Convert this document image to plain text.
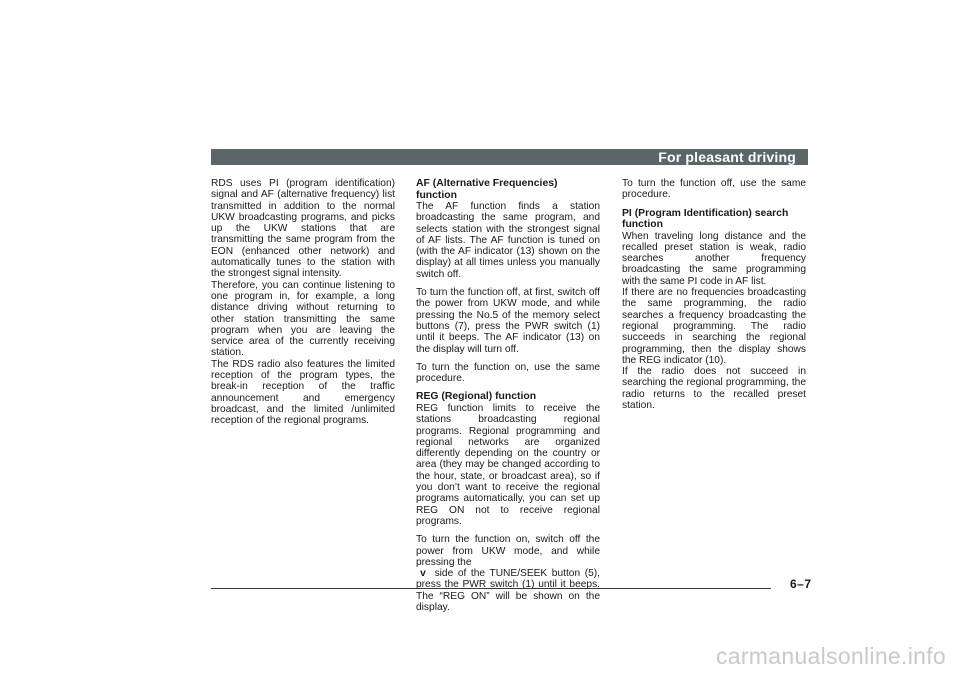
For pleasant driving

RDS uses PI (program identification) signal and AF (alternative frequency) list transmitted in addition to the normal UKW broadcasting programs, and picks up the UKW stations that are transmitting the same program from the EON (enhanced other network) and automatically tunes to the station with the strongest signal intensity.

Therefore, you can continue listening to one program in, for example, a long distance driving without returning to other station transmitting the same program when you are leaving the service area of the currently receiving station.

The RDS radio also features the limited reception of the program types, the break-in reception of the traffic announcement and emergency broadcast, and the limited /unlimited reception of the regional programs.

AF (Alternative Frequencies) function

The AF function finds a station broadcasting the same program, and selects station with the strongest signal of AF lists. The AF function is tuned on (with the AF indicator (13) shown on the display) at all times unless you manually switch off.

To turn the function off, at first, switch off the power from UKW mode, and while pressing the No.5 of the memory select buttons (7), press the PWR switch (1) until it beeps. The AF indicator (13) on the display will turn off.

To turn the function on, use the same procedure.

REG (Regional) function

REG function limits to receive the stations broadcasting regional programs. Regional programming and regional networks are organized differently depending on the country or area (they may be changed according to the hour, state, or broadcast area), so if you don’t want to receive the regional programs automatically, you can set up REG ON not to receive regional programs.

To turn the function on, switch off the power from UKW mode, and while pressing the
v side of the TUNE/SEEK button (5), press the PWR switch (1) until it beeps. The “REG ON” will be shown on the display.

To turn the function off, use the same procedure.

PI (Program Identification) search function

When traveling long distance and the recalled preset station is weak, radio searches another frequency broadcasting the same programming with the same PI code in AF list.

If there are no frequencies broadcasting the same programming, the radio searches a frequency broadcasting the regional programming. The radio succeeds in searching the regional programming, then the display shows the REG indicator (10).

If the radio does not succeed in searching the regional programming, the radio returns to the recalled preset station.

6–7
carmanualsonline.info
